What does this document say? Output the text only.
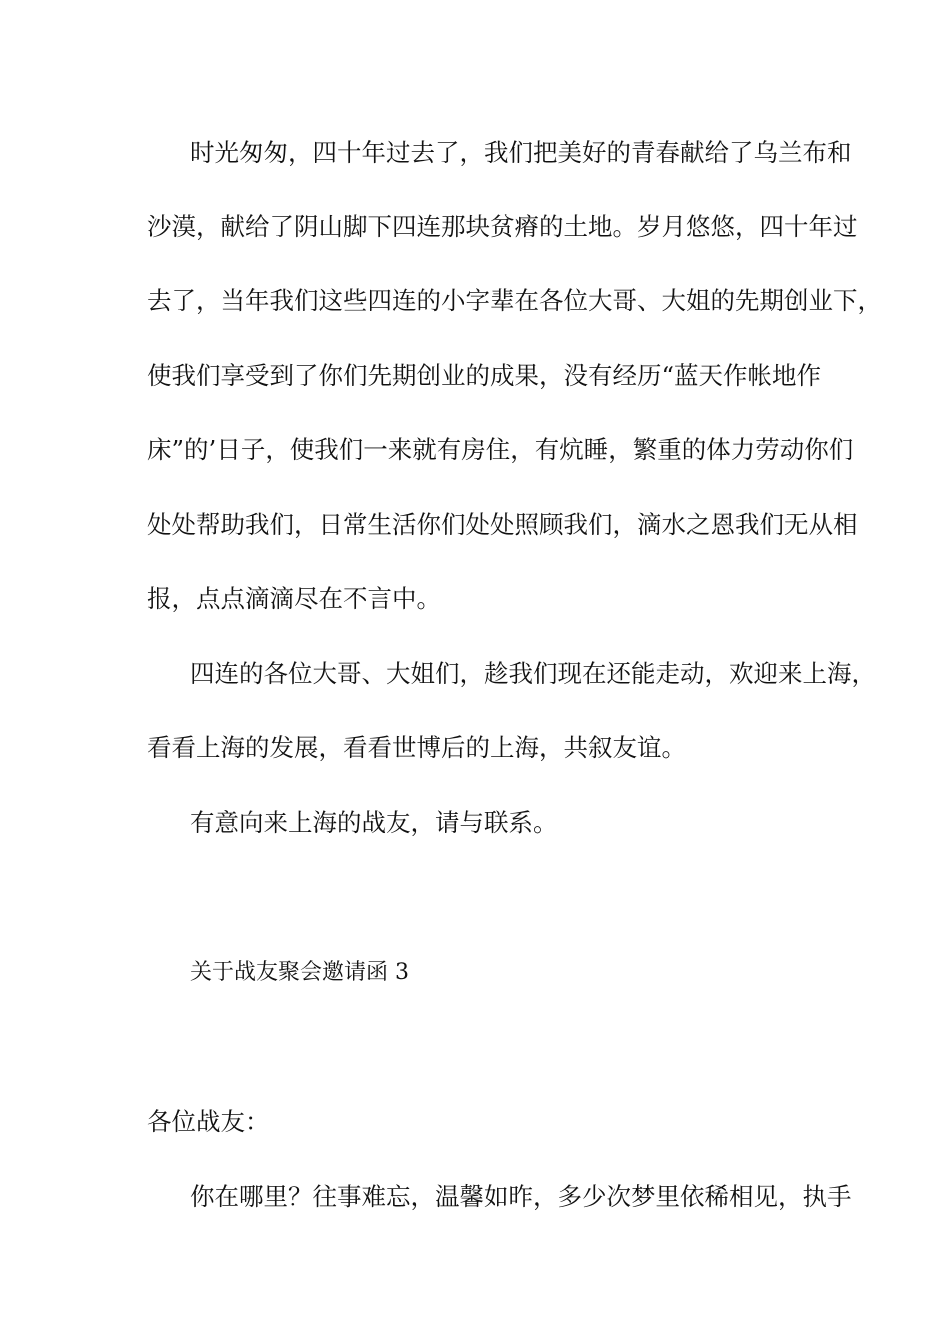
时光匆匆，四十年过去了，我们把美好的青春献给了乌兰布和
沙漠，献给了阴山脚下四连那块贫瘠的土地。岁月悠悠，四十年过
去了，当年我们这些四连的小字辈在各位大哥、大姐的先期创业下，
使我们享受到了你们先期创业的成果，没有经历“蓝天作帐地作
床”的’日子，使我们一来就有房住，有炕睡，繁重的体力劳动你们
处处帮助我们，日常生活你们处处照顾我们，滴水之恩我们无从相
报，点点滴滴尽在不言中。
四连的各位大哥、大姐们，趁我们现在还能走动，欢迎来上海，
看看上海的发展，看看世博后的上海，共叙友谊。
有意向来上海的战友，请与联系。
关于战友聚会邀请函 3
各位战友：
你在哪里？往事难忘，温馨如昨，多少次梦里依稀相见，执手
